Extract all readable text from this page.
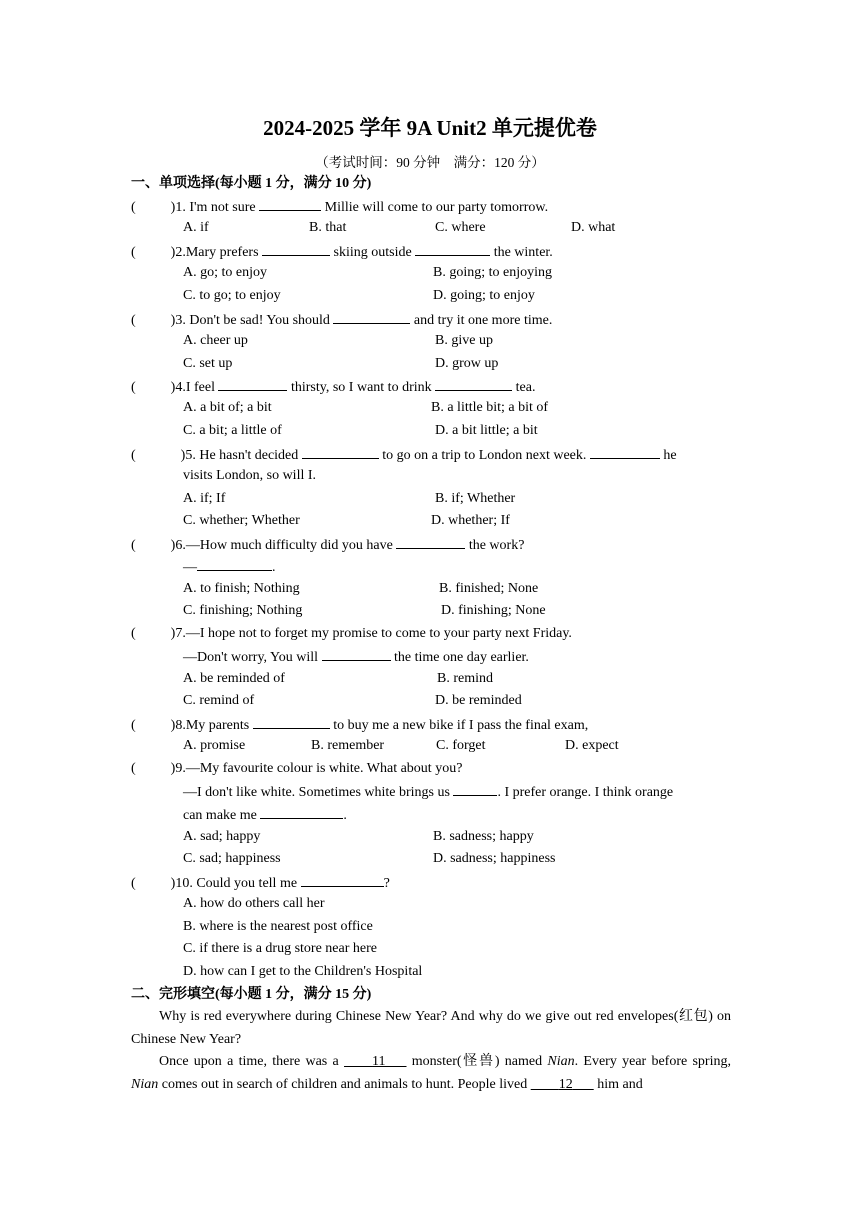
2024-2025 学年 9A Unit2 单元提优卷
（考试时间：90 分钟　满分：120 分）
一、单项选择(每小题 1 分，满分 10 分)
(	)1. I'm not sure	Millie will come to our party tomorrow.
A. if	B. that	C. where	D. what
(	)2.Mary prefers	skiing outside	the winter.
A. go; to enjoy	B. going; to enjoying
C. to go; to enjoy	D. going; to enjoy
(	)3. Don't be sad! You should	and try it one more time.
A. cheer up	B. give up
C. set up	D. grow up
(	)4.I feel	thirsty, so I want to drink	tea.
A. a bit of; a bit	B. a little bit; a bit of
C. a bit; a little of	D. a bit little; a bit
(	)5. He hasn't decided	to go on a trip to London next week.	he
visits London, so will I.
A. if; If	B. if; Whether
C. whether; Whether	D. whether; If
(	)6.—How much difficulty did you have	the work?
—	.
A. to finish; Nothing	B. finished; None
C. finishing; Nothing	D. finishing; None
(	)7.—I hope not to forget my promise to come to your party next Friday.
—Don't worry, You will	the time one day earlier.
A. be reminded of	B. remind
C. remind of	D. be reminded
(	)8.My parents	to buy me a new bike if I pass the final exam,
A. promise	B. remember	C. forget	D. expect
(	)9.—My favourite colour is white. What about you?
—I don't like white. Sometimes white brings us	. I prefer orange. I think orange
can make me	.
A. sad; happy	B. sadness; happy
C. sad; happiness	D. sadness; happiness
(	)10. Could you tell me	?
A. how do others call her
B. where is the nearest post office
C. if there is a drug store near here
D. how can I get to the Children's Hospital
二、完形填空(每小题 1 分，满分 15 分)
Why is red everywhere during Chinese New Year? And why do we give out red envelopes(红包) on Chinese New Year?
Once upon a time, there was a    11   monster(怪兽) named Nian. Every year before spring, Nian comes out in search of children and animals to hunt. People lived    12   him and
